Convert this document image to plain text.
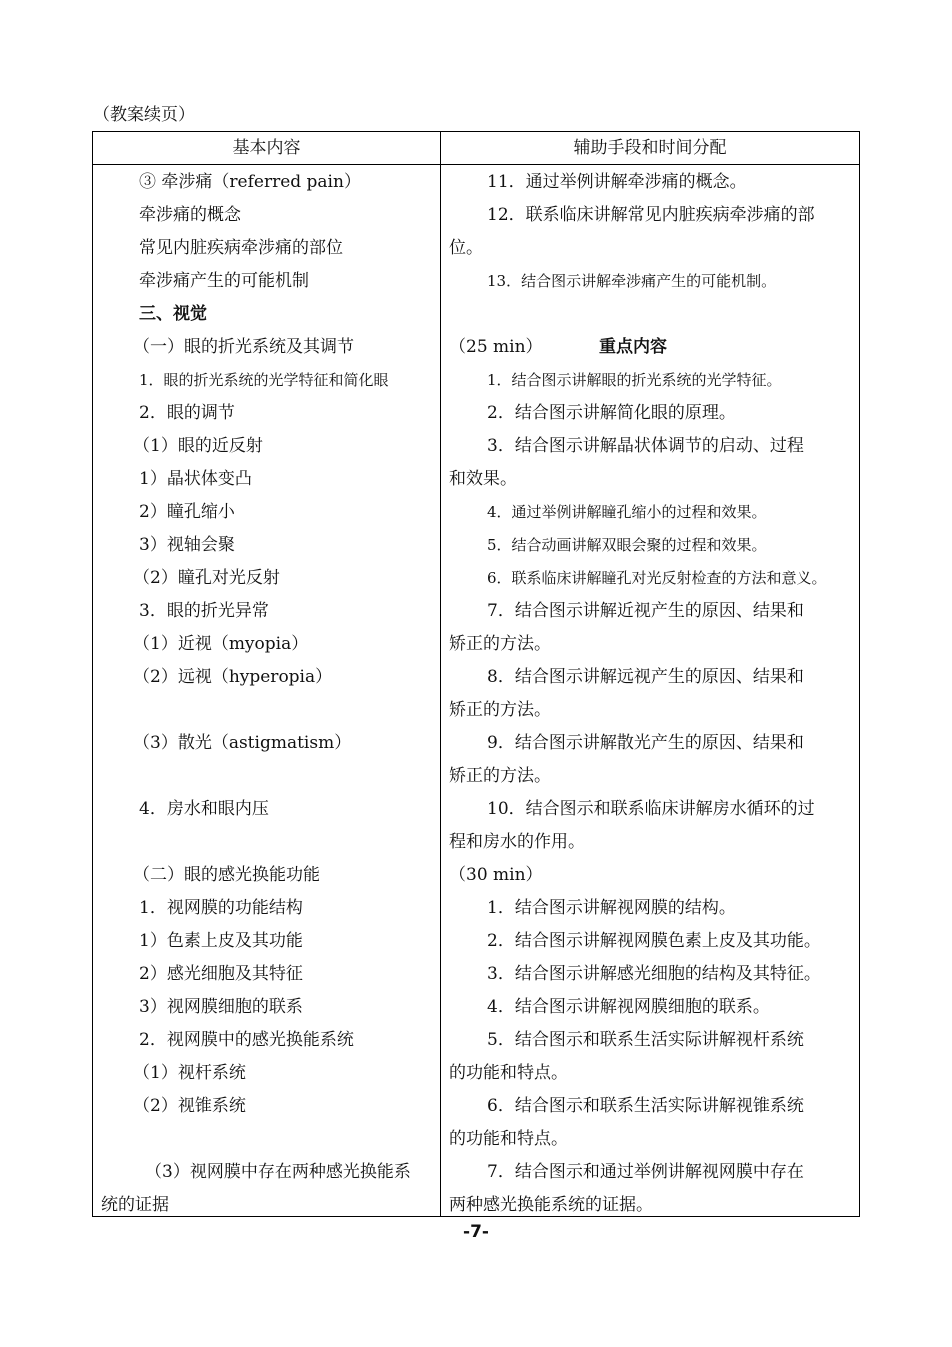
（教案续页）
基本内容	辅助手段和时间分配
③ 牵涉痛（referred pain）
牵涉痛的概念
常见内脏疾病牵涉痛的部位
牵涉痛产生的可能机制
三、视觉
（一）眼的折光系统及其调节
1．眼的折光系统的光学特征和简化眼
2．眼的调节
（1）眼的近反射
1）晶状体变凸
2）瞳孔缩小
3）视轴会聚
（2）瞳孔对光反射
3．眼的折光异常
（1）近视（myopia）
（2）远视（hyperopia）
（3）散光（astigmatism）
4．房水和眼内压
（二）眼的感光换能功能
1．视网膜的功能结构
1）色素上皮及其功能
2）感光细胞及其特征
3）视网膜细胞的联系
2．视网膜中的感光换能系统
（1）视杆系统
（2）视锥系统
（3）视网膜中存在两种感光换能系
统的证据
11．通过举例讲解牵涉痛的概念。
12．联系临床讲解常见内脏疾病牵涉痛的部
位。
13．结合图示讲解牵涉痛产生的可能机制。
（25 min）	重点内容
1．结合图示讲解眼的折光系统的光学特征。
2．结合图示讲解简化眼的原理。
3．结合图示讲解晶状体调节的启动、过程
和效果。
4．通过举例讲解瞳孔缩小的过程和效果。
5．结合动画讲解双眼会聚的过程和效果。
6．联系临床讲解瞳孔对光反射检查的方法和意义。
7．结合图示讲解近视产生的原因、结果和
矫正的方法。
8．结合图示讲解远视产生的原因、结果和
矫正的方法。
9．结合图示讲解散光产生的原因、结果和
矫正的方法。
10．结合图示和联系临床讲解房水循环的过
程和房水的作用。
（30 min）
1．结合图示讲解视网膜的结构。
2．结合图示讲解视网膜色素上皮及其功能。
3．结合图示讲解感光细胞的结构及其特征。
4．结合图示讲解视网膜细胞的联系。
5．结合图示和联系生活实际讲解视杆系统
的功能和特点。
6．结合图示和联系生活实际讲解视锥系统
的功能和特点。
7．结合图示和通过举例讲解视网膜中存在
两种感光换能系统的证据。
-7-
